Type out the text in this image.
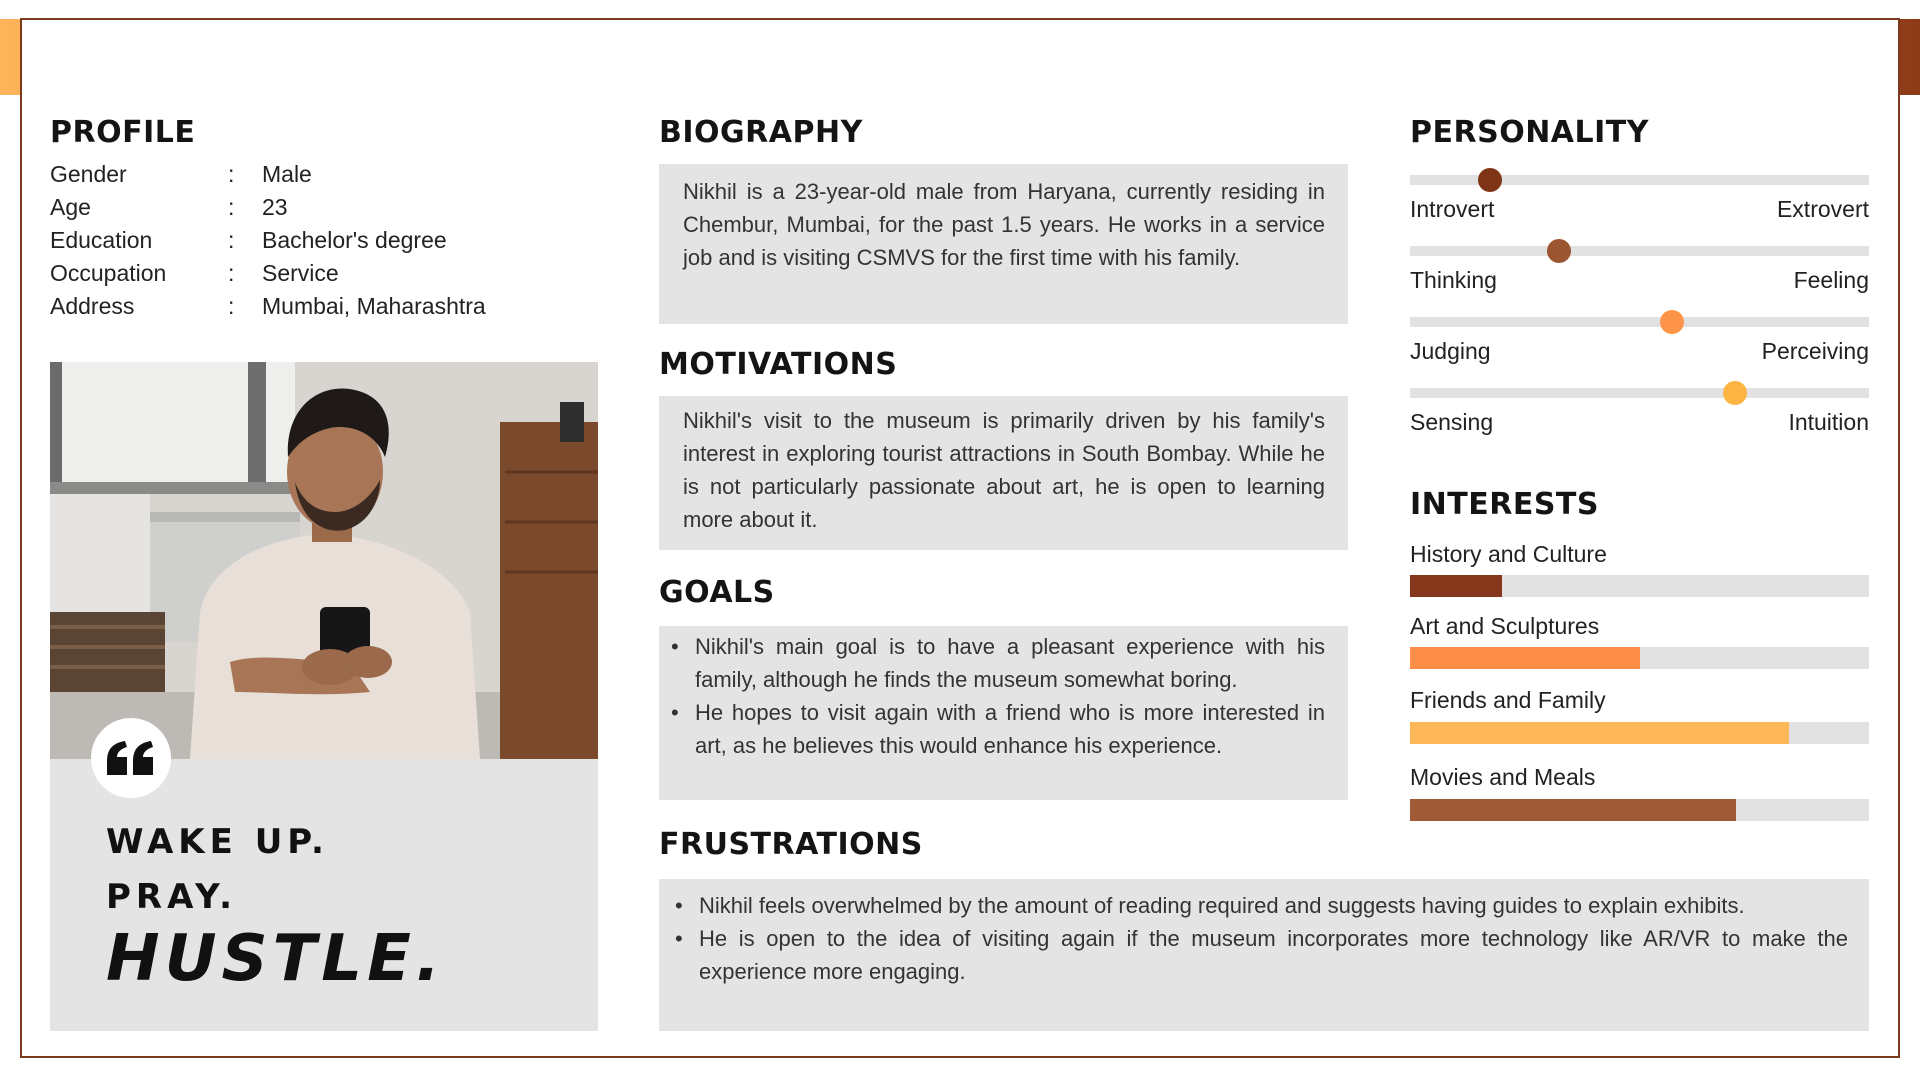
PROFILE
Gender	: Male
Age	: 23
Education	: Bachelor's degree
Occupation	: Service
Address	: Mumbai, Maharashtra
WAKE UP.
PRAY.
HUSTLE.
BIOGRAPHY
Nikhil is a 23-year-old male from Haryana, currently residing in Chembur, Mumbai, for the past 1.5 years. He works in a service job and is visiting CSMVS for the first time with his family.
MOTIVATIONS
Nikhil's visit to the museum is primarily driven by his family's interest in exploring tourist attractions in South Bombay. While he is not particularly passionate about art, he is open to learning more about it.
GOALS
• Nikhil's main goal is to have a pleasant experience with his family, although he finds the museum somewhat boring.
• He hopes to visit again with a friend who is more interested in art, as he believes this would enhance his experience.
FRUSTRATIONS
• Nikhil feels overwhelmed by the amount of reading required and suggests having guides to explain exhibits.
• He is open to the idea of visiting again if the museum incorporates more technology like AR/VR to make the experience more engaging.
PERSONALITY
Introvert	Extrovert
Thinking	Feeling
Judging	Perceiving
Sensing	Intuition
INTERESTS
History and Culture
Art and Sculptures
Friends and Family
Movies and Meals
